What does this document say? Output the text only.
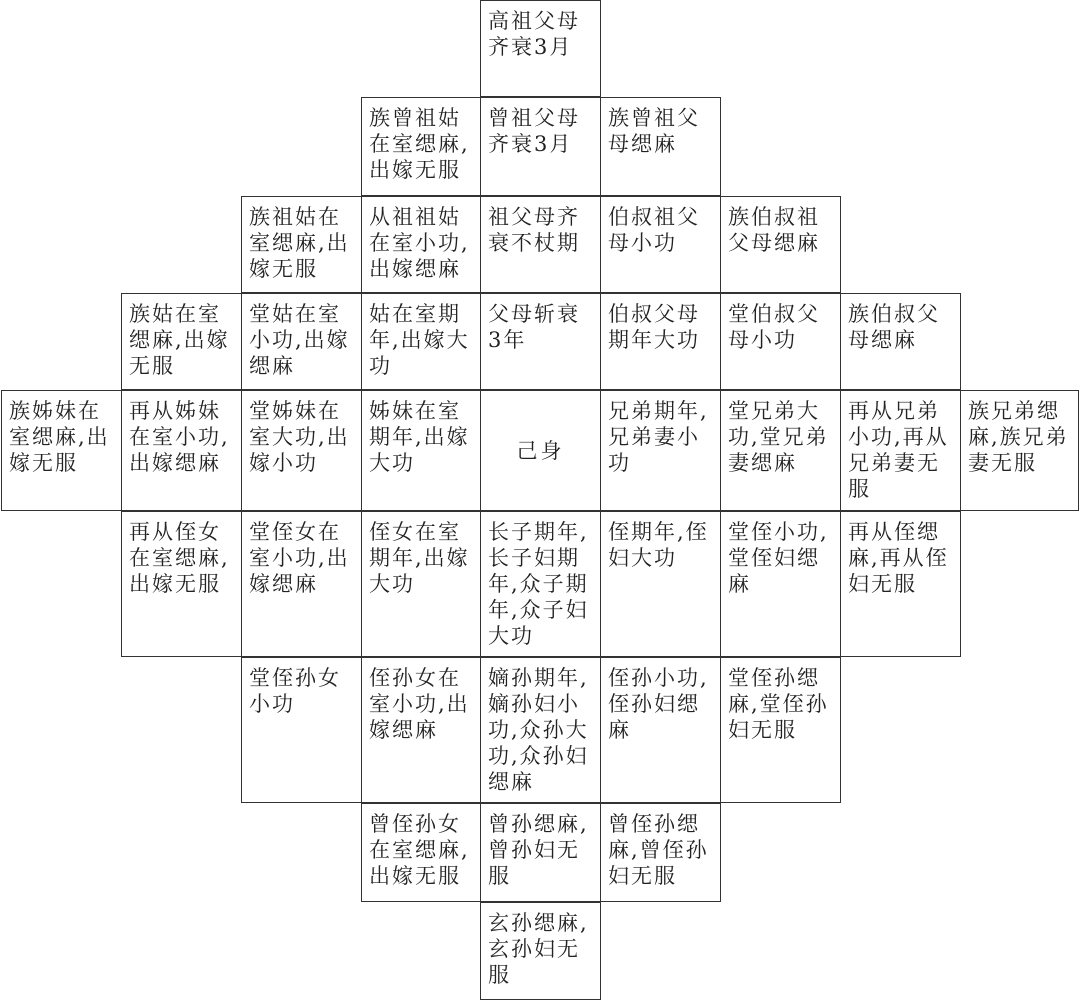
高祖父母
齐衰3月
族曾祖姑
在室缌麻,
出嫁无服
曾祖父母
齐衰3月
族曾祖父
母缌麻
族祖姑在
室缌麻,出
嫁无服
从祖祖姑
在室小功,
出嫁缌麻
祖父母齐
衰不杖期
伯叔祖父
母小功
族伯叔祖
父母缌麻
族姑在室
缌麻,出嫁
无服
堂姑在室
小功,出嫁
缌麻
姑在室期
年,出嫁大
功
父母斩衰
3年
伯叔父母
期年大功
堂伯叔父
母小功
族伯叔父
母缌麻
族姊妹在
室缌麻,出
嫁无服
再从姊妹
在室小功,
出嫁缌麻
堂姊妹在
室大功,出
嫁小功
姊妹在室
期年,出嫁
大功
己身
兄弟期年,
兄弟妻小
功
堂兄弟大
功,堂兄弟
妻缌麻
再从兄弟
小功,再从
兄弟妻无
服
族兄弟缌
麻,族兄弟
妻无服
再从侄女
在室缌麻,
出嫁无服
堂侄女在
室小功,出
嫁缌麻
侄女在室
期年,出嫁
大功
长子期年,
长子妇期
年,众子期
年,众子妇
大功
侄期年,侄
妇大功
堂侄小功,
堂侄妇缌
麻
再从侄缌
麻,再从侄
妇无服
堂侄孙女
小功
侄孙女在
室小功,出
嫁缌麻
嫡孙期年,
嫡孙妇小
功,众孙大
功,众孙妇
缌麻
侄孙小功,
侄孙妇缌
麻
堂侄孙缌
麻,堂侄孙
妇无服
曾侄孙女
在室缌麻,
出嫁无服
曾孙缌麻,
曾孙妇无
服
曾侄孙缌
麻,曾侄孙
妇无服
玄孙缌麻,
玄孙妇无
服
